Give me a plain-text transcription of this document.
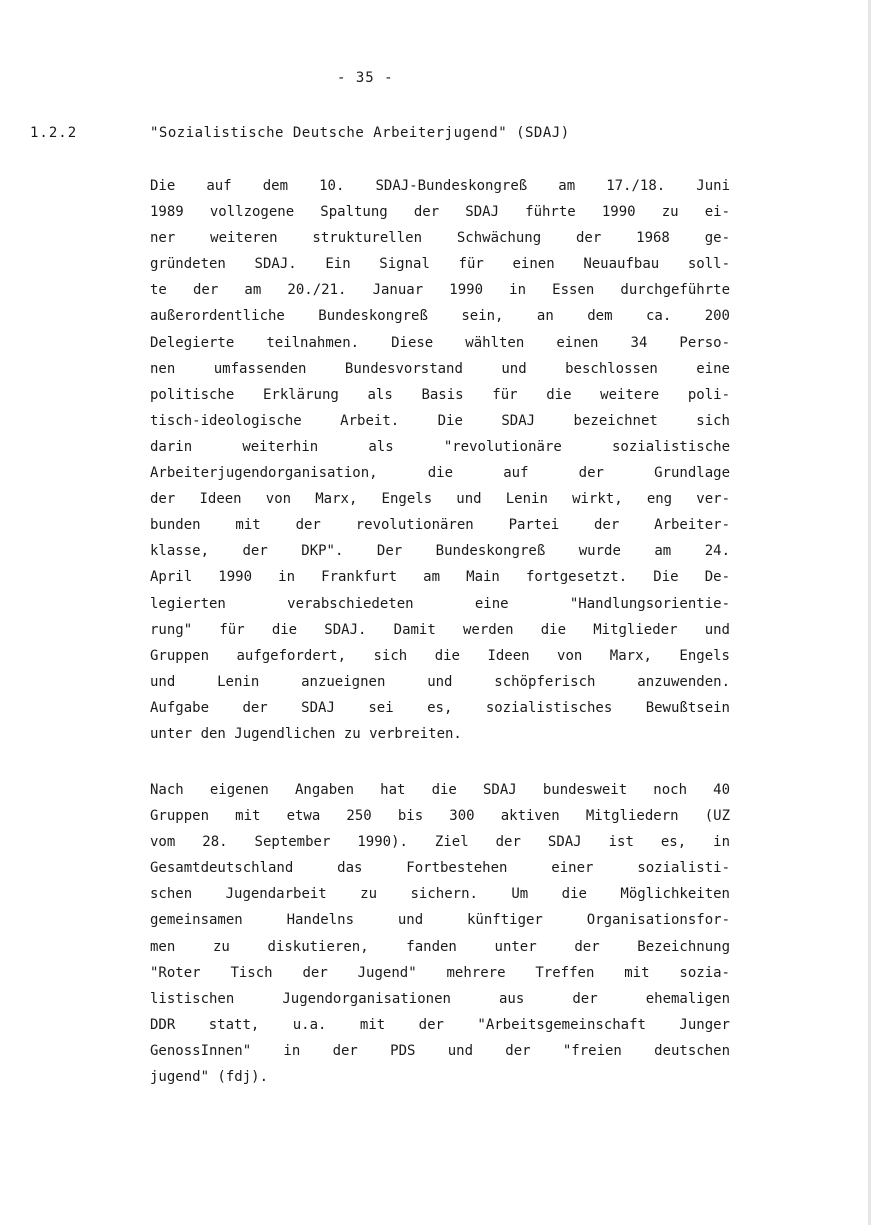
- 35 -
1.2.2	"Sozialistische Deutsche Arbeiterjugend" (SDAJ)
Die auf dem 10. SDAJ-Bundeskongreß am 17./18. Juni
1989 vollzogene Spaltung der SDAJ führte 1990 zu ei-
ner weiteren strukturellen Schwächung der 1968 ge-
gründeten SDAJ. Ein Signal für einen Neuaufbau soll-
te der am 20./21. Januar 1990 in Essen durchgeführte
außerordentliche Bundeskongreß sein, an dem ca. 200
Delegierte teilnahmen. Diese wählten einen 34 Perso-
nen umfassenden Bundesvorstand und beschlossen eine
politische Erklärung als Basis für die weitere poli-
tisch-ideologische Arbeit. Die SDAJ bezeichnet sich
darin weiterhin als "revolutionäre sozialistische
Arbeiterjugendorganisation, die auf der Grundlage
der Ideen von Marx, Engels und Lenin wirkt, eng ver-
bunden mit der revolutionären Partei der Arbeiter-
klasse, der DKP". Der Bundeskongreß wurde am 24.
April 1990 in Frankfurt am Main fortgesetzt. Die De-
legierten verabschiedeten eine "Handlungsorientie-
rung" für die SDAJ. Damit werden die Mitglieder und
Gruppen aufgefordert, sich die Ideen von Marx, Engels
und Lenin anzueignen und schöpferisch anzuwenden.
Aufgabe der SDAJ sei es, sozialistisches Bewußtsein
unter den Jugendlichen zu verbreiten.
Nach eigenen Angaben hat die SDAJ bundesweit noch 40
Gruppen mit etwa 250 bis 300 aktiven Mitgliedern (UZ
vom 28. September 1990). Ziel der SDAJ ist es, in
Gesamtdeutschland das Fortbestehen einer sozialisti-
schen Jugendarbeit zu sichern. Um die Möglichkeiten
gemeinsamen Handelns und künftiger Organisationsfor-
men zu diskutieren, fanden unter der Bezeichnung
"Roter Tisch der Jugend" mehrere Treffen mit sozia-
listischen Jugendorganisationen aus der ehemaligen
DDR statt, u.a. mit der "Arbeitsgemeinschaft Junger
GenossInnen" in der PDS und der "freien deutschen
jugend" (fdj).
